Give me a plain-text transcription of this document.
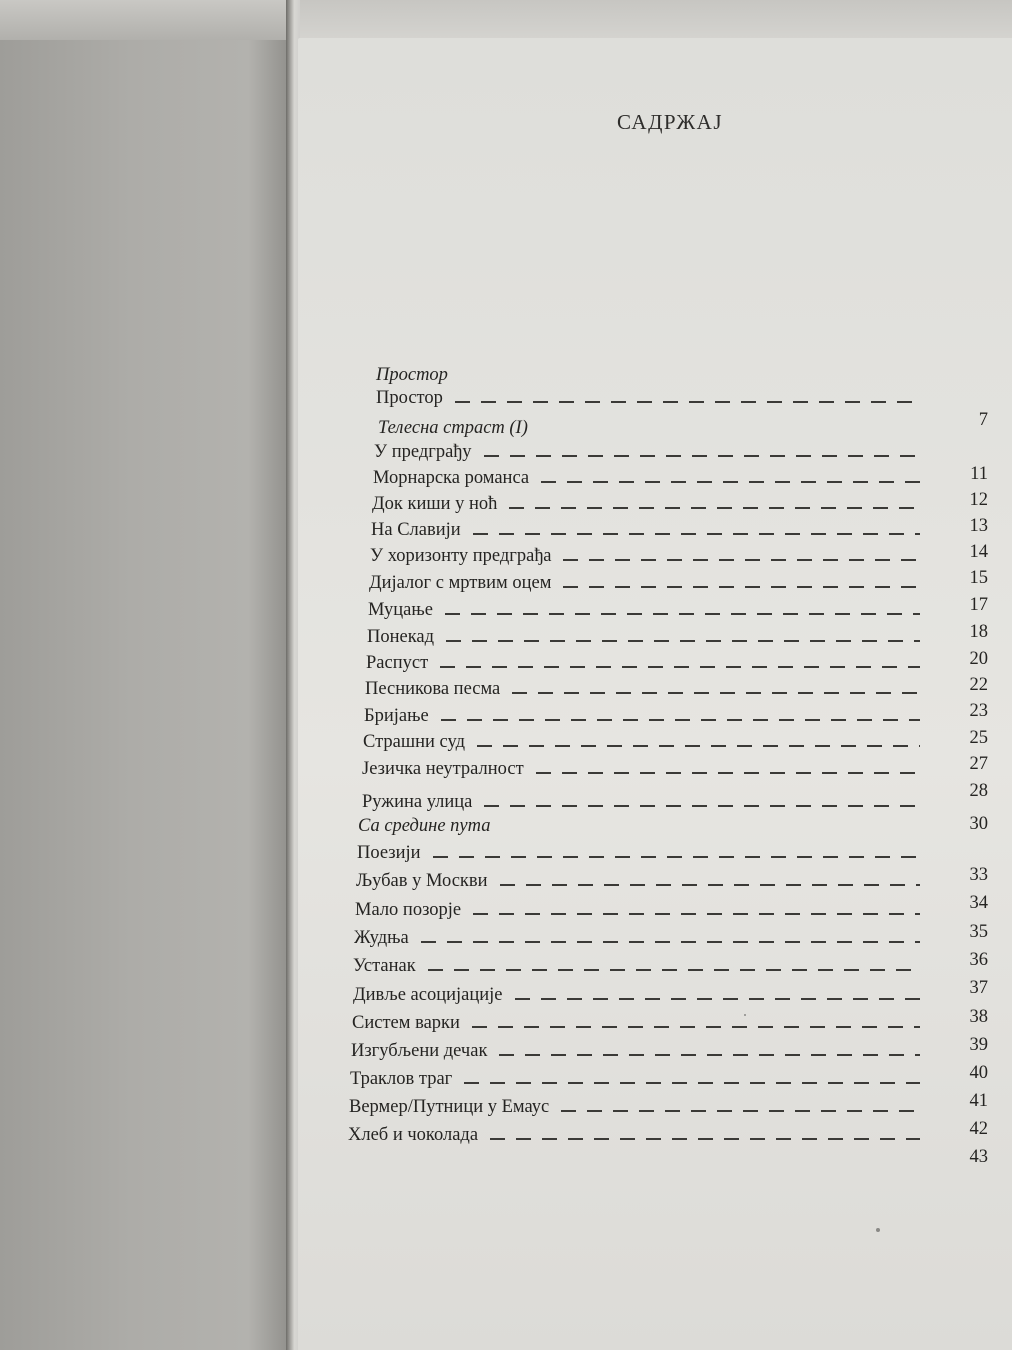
САДРЖАЈ
Простор
Простор
7
Телесна страст (I)
У предграђу
11
Морнарска романса
12
Док киши у ноћ
13
На Славији
14
У хоризонту предграђа
15
Дијалог с мртвим оцем
17
Муцање
18
Понекад
20
Распуст
22
Песникова песма
23
Бријање
25
Страшни суд
27
Језичка неутралност
28
Ружина улица
30
Са средине пута
Поезији
33
Љубав у Москви
34
Мало позорје
35
Жудња
36
Устанак
37
Дивље асоцијације
38
Систем варки
39
Изгубљени дечак
40
Траклов траг
41
Вермер/Путници у Емаус
42
Хлеб и чоколада
43
